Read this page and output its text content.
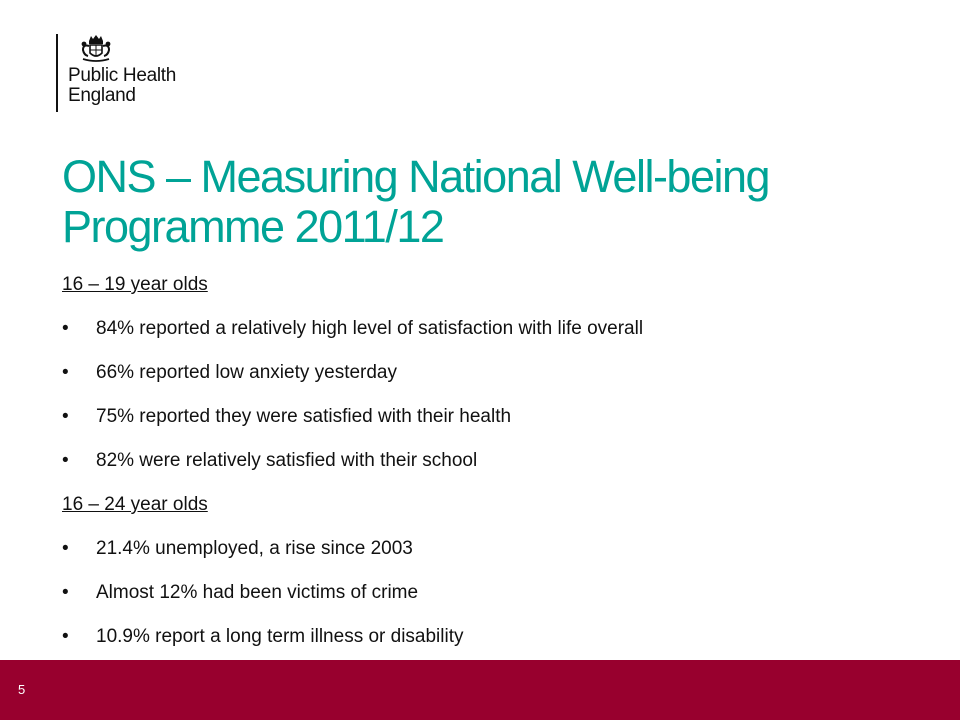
Public Health
England
ONS – Measuring National Well-being
Programme 2011/12
16 – 19 year olds
• 84% reported a relatively high level of satisfaction with life overall
• 66% reported low anxiety yesterday
• 75% reported they were satisfied with their health
• 82% were relatively satisfied with their school
16 – 24 year olds
• 21.4% unemployed, a rise since 2003
• Almost 12% had been victims of crime
• 10.9% report a long term illness or disability
5
